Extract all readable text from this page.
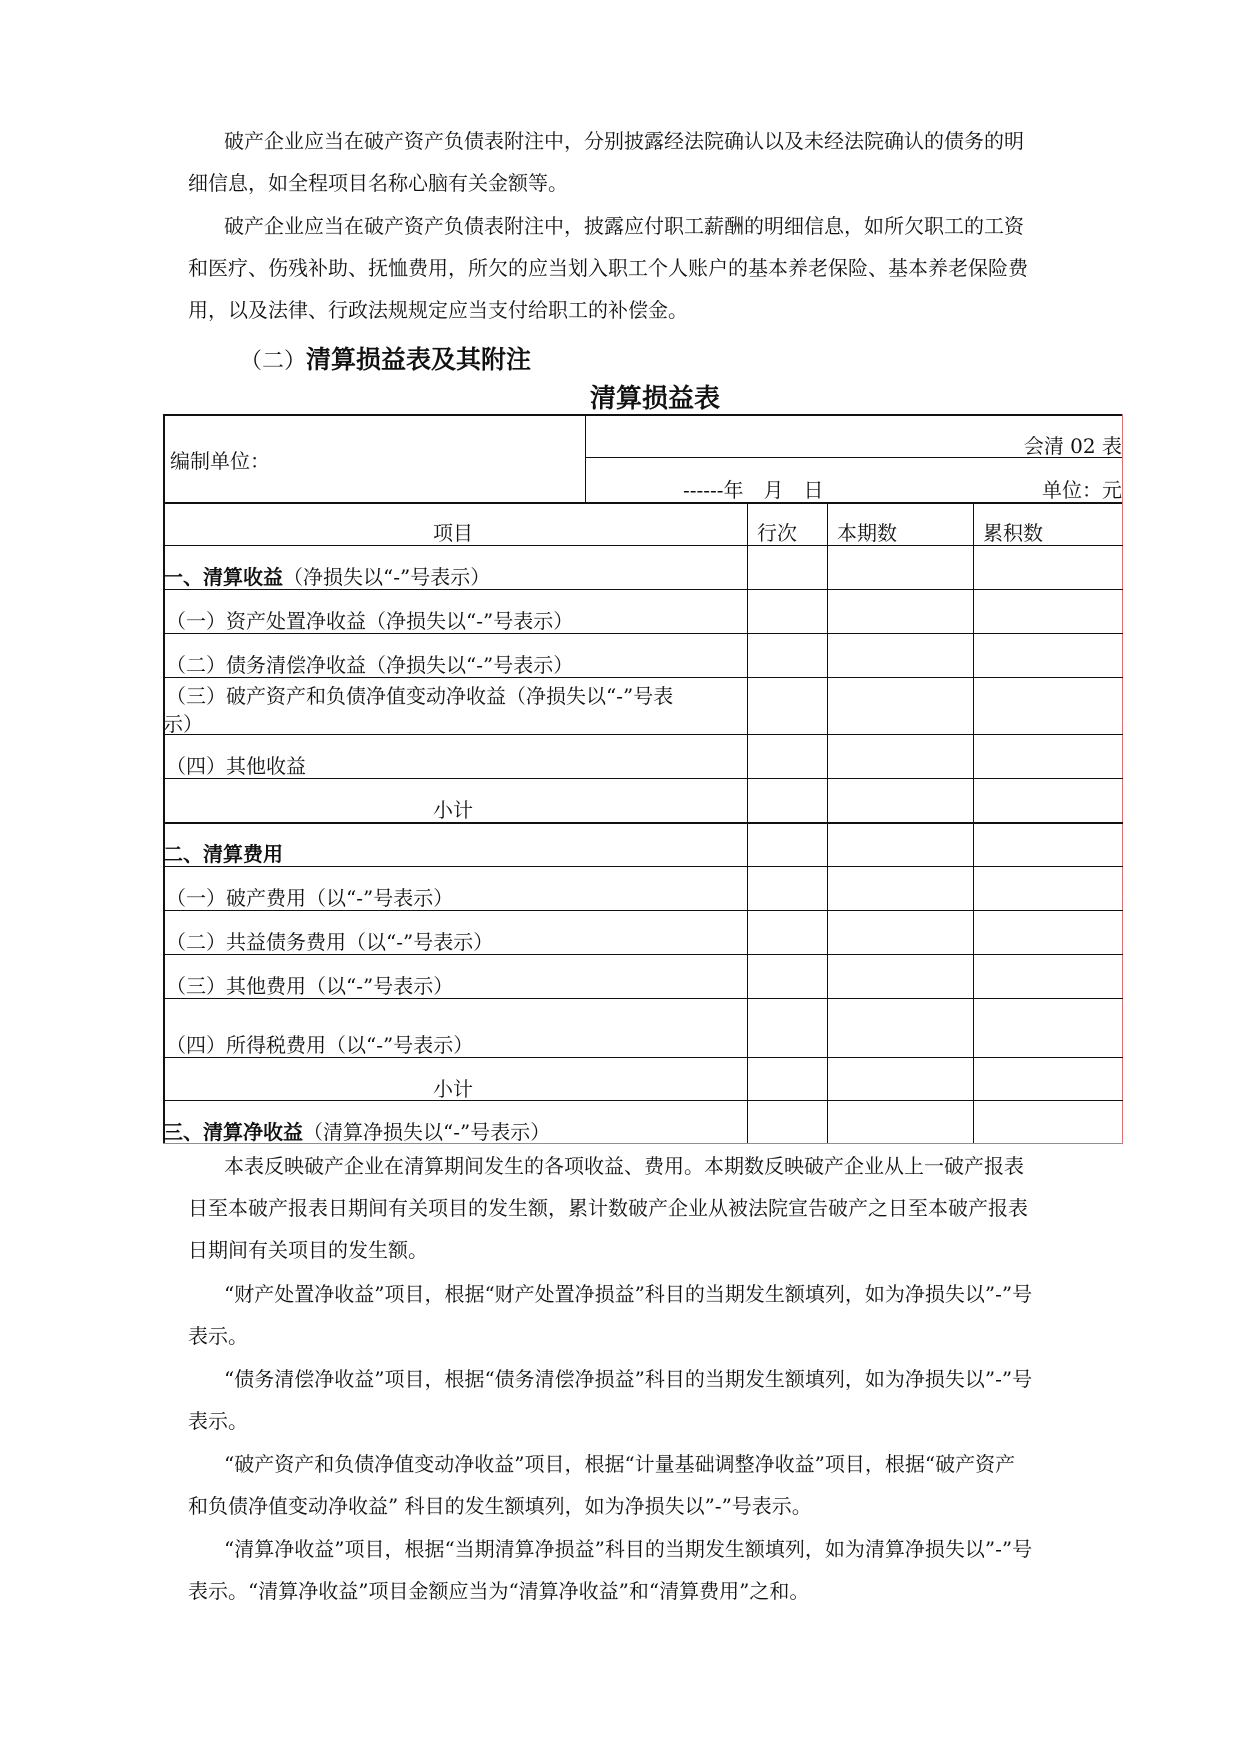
破产企业应当在破产资产负债表附注中，分别披露经法院确认以及未经法院确认的债务的明
细信息，如全程项目名称心脑有关金额等。

破产企业应当在破产资产负债表附注中，披露应付职工薪酬的明细信息，如所欠职工的工资
和医疗、伤残补助、抚恤费用，所欠的应当划入职工个人账户的基本养老保险、基本养老保险费
用，以及法律、行政法规规定应当支付给职工的补偿金。

（二）清算损益表及其附注
清算损益表
编制单位：
会清 02 表
------年　月　日	单位：元
项目	行次 本期数	累积数
一、清算收益（净损失以“-”号表示）
（一）资产处置净收益（净损失以“-”号表示）
（二）债务清偿净收益（净损失以“-”号表示）
（三）破产资产和负债净值变动净收益（净损失以“-”号表
示）
（四）其他收益
小计
二、清算费用
（一）破产费用（以“-”号表示）
（二）共益债务费用（以“-”号表示）
（三）其他费用（以“-”号表示）
（四）所得税费用（以“-”号表示）
小计
三、清算净收益（清算净损失以“-”号表示）

本表反映破产企业在清算期间发生的各项收益、费用。本期数反映破产企业从上一破产报表
日至本破产报表日期间有关项目的发生额，累计数破产企业从被法院宣告破产之日至本破产报表
日期间有关项目的发生额。

“财产处置净收益”项目，根据“财产处置净损益”科目的当期发生额填列，如为净损失以”-”号
表示。

“债务清偿净收益”项目，根据“债务清偿净损益”科目的当期发生额填列，如为净损失以”-”号
表示。

“破产资产和负债净值变动净收益”项目，根据“计量基础调整净收益”项目，根据“破产资产
和负债净值变动净收益” 科目的发生额填列，如为净损失以”-”号表示。

“清算净收益”项目，根据“当期清算净损益”科目的当期发生额填列，如为清算净损失以”-”号
表示。“清算净收益”项目金额应当为“清算净收益”和“清算费用”之和。
